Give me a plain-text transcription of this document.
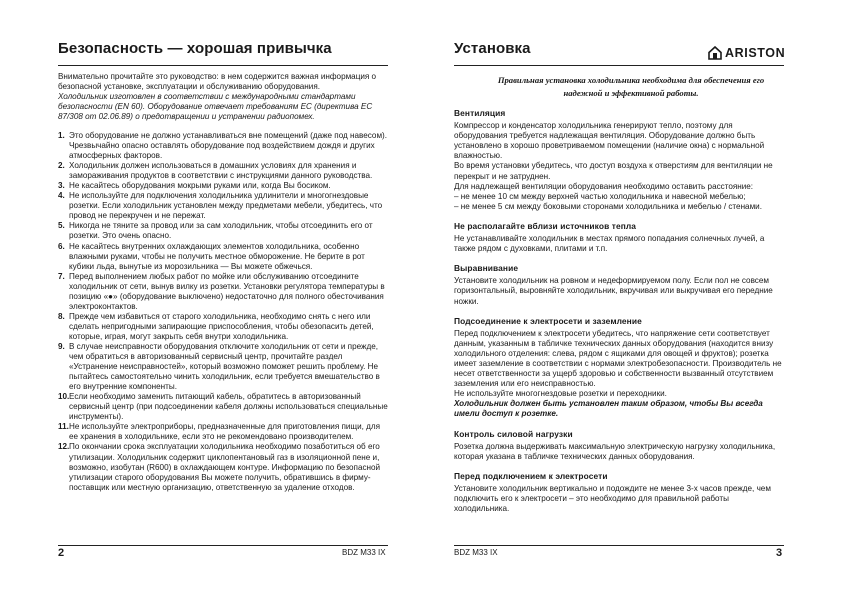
Безопасность — хорошая привычка

Внимательно прочитайте это руководство: в нем содержится важная информация о безопасной установке, эксплуатации и обслуживанию оборудования.

Холодильник изготовлен в соответствии с международными стандартами безопасности (EN 60). Оборудование отвечает требованиям ЕС (директива ЕС 87/308 от 02.06.89) о предотвращении и устранении радиопомех.

1. Это оборудование не должно устанавливаться вне помещений (даже под навесом). Чрезвычайно опасно оставлять оборудование под воздействием дождя и других атмосферных факторов.
2. Холодильник должен использоваться в домашних условиях для хранения и замораживания продуктов в соответствии с инструкциями данного руководства.
3. Не касайтесь оборудования мокрыми руками или, когда Вы босиком.
4. Не используйте для подключения холодильника удлинители и многогнездовые розетки. Если холодильник установлен между предметами мебели, убедитесь, что провод не перекручен и не пережат.
5. Никогда не тяните за провод или за сам холодильник, чтобы отсоединить его от розетки. Это очень опасно.
6. Не касайтесь внутренних охлаждающих элементов холодильника, особенно влажными руками, чтобы не получить местное обморожение. Не берите в рот кубики льда, вынутые из морозильника — Вы можете обжечься.
7. Перед выполнением любых работ по мойке или обслуживанию отсоедините холодильник от сети, вынув вилку из розетки. Установки регулятора температуры в позицию «●» (оборудование выключено) недостаточно для полного обесточивания электроконтактов.
8. Прежде чем избавиться от старого холодильника, необходимо снять с него или сделать непригодными запирающие приспособления, чтобы обезопасить детей, которые, играя, могут закрыть себя внутри холодильника.
9. В случае неисправности оборудования отключите холодильник от сети и прежде, чем обратиться в авторизованный сервисный центр, прочитайте раздел «Устранение неисправностей», который возможно поможет решить проблему. Не пытайтесь самостоятельно чинить холодильник, если требуется вмешательство в его внутренние компоненты.
10. Если необходимо заменить питающий кабель, обратитесь в авторизованный сервисный центр (при подсоединении кабеля должны использоваться специальные инструменты).
11. Не используйте электроприборы, предназначенные для приготовления пищи, для ее хранения в холодильнике, если это не рекомендовано производителем.
12. По окончании срока эксплуатации холодильника необходимо позаботиться об его утилизации. Холодильник содержит циклопентановый газ в изоляционной пене и, возможно, изобутан (R600) в охлаждающем контуре. Информацию по безопасной утилизации старого оборудования Вы можете получить, обратившись в фирму-поставщик или местную организацию, ответственную за удаление отходов.
2	BDZ M33 IX
Установка	ARISTON
Правильная установка холодильника необходима для обеспечения его надежной и эффективной работы.
Вентиляция

Компрессор и конденсатор холодильника генерируют тепло, поэтому для оборудования требуется надлежащая вентиляция. Оборудование должно быть установлено в хорошо проветриваемом помещении (наличие окна) с нормальной влажностью.

Во время установки убедитесь, что доступ воздуха к отверстиям для вентиляции не перекрыт и не затруднен.

Для надлежащей вентиляции оборудования необходимо оставить расстояние:

– не менее 10 см между верхней частью холодильника и навесной мебелью;

– не менее 5 см между боковыми сторонами холодильника и мебелью / стенами.

Не располагайте вблизи источников тепла

Не устанавливайте холодильник в местах прямого попадания солнечных лучей, а также рядом с духовками, плитами и т.п.

Выравнивание

Установите холодильник на ровном и недеформируемом полу. Если пол не совсем горизонтальный, выровняйте холодильник, вкручивая или выкручивая его передние ножки.

Подсоединение к электросети и заземление

Перед подключением к электросети убедитесь, что напряжение сети соответствует данным, указанным в табличке технических данных оборудования (находится внизу холодильного отделения: слева, рядом с ящиками для овощей и фруктов); розетка имеет заземление в соответствии с нормами электробезопасности. Производитель не несет ответственности за ущерб здоровью и собственности вызванный отсутствием заземления или его неисправностью.

Не используйте многогнездовые розетки и переходники.

Холодильник должен быть установлен таким образом, чтобы Вы всегда имели доступ к розетке.

Контроль силовой нагрузки

Розетка должна выдерживать максимальную электрическую нагрузку холодильника, которая указана в табличке технических данных оборудования.

Перед подключением к электросети

Установите холодильник вертикально и подождите не менее 3-х часов прежде, чем подключить его к электросети – это необходимо для правильной работы холодильника.

BDZ M33 IX	3
